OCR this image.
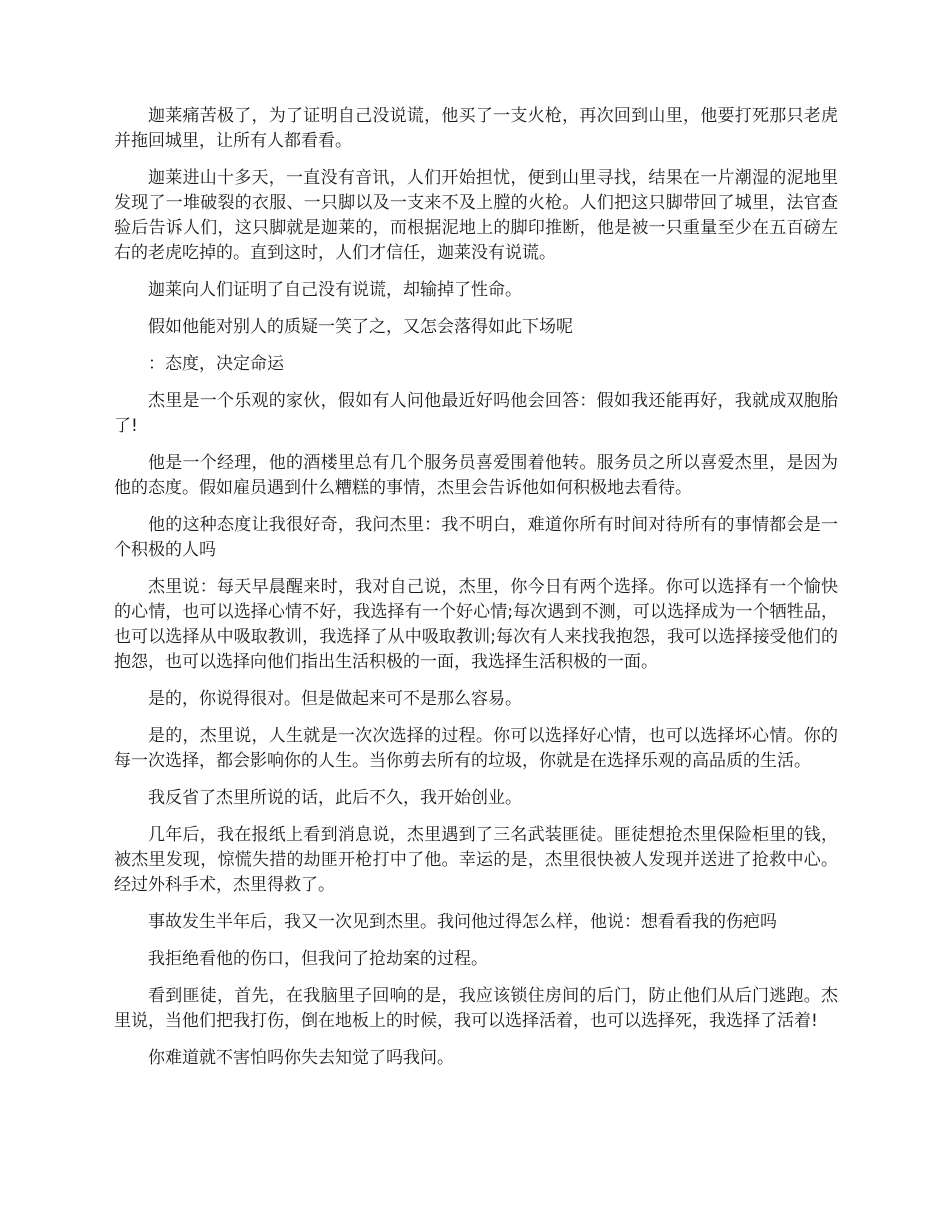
迦莱痛苦极了，为了证明自己没说谎，他买了一支火枪，再次回到山里，他要打死那只老虎并拖回城里，让所有人都看看。

迦莱进山十多天，一直没有音讯，人们开始担忧，便到山里寻找，结果在一片潮湿的泥地里发现了一堆破裂的衣服、一只脚以及一支来不及上膛的火枪。人们把这只脚带回了城里，法官查验后告诉人们，这只脚就是迦莱的，而根据泥地上的脚印推断，他是被一只重量至少在五百磅左右的老虎吃掉的。直到这时，人们才信任，迦莱没有说谎。

迦莱向人们证明了自己没有说谎，却输掉了性命。

假如他能对别人的质疑一笑了之，又怎会落得如此下场呢

：态度，决定命运

杰里是一个乐观的家伙，假如有人问他最近好吗他会回答：假如我还能再好，我就成双胞胎了!

他是一个经理，他的酒楼里总有几个服务员喜爱围着他转。服务员之所以喜爱杰里，是因为他的态度。假如雇员遇到什么糟糕的事情，杰里会告诉他如何积极地去看待。

他的这种态度让我很好奇，我问杰里：我不明白，难道你所有时间对待所有的事情都会是一个积极的人吗

杰里说：每天早晨醒来时，我对自己说，杰里，你今日有两个选择。你可以选择有一个愉快的心情，也可以选择心情不好，我选择有一个好心情;每次遇到不测，可以选择成为一个牺牲品，也可以选择从中吸取教训，我选择了从中吸取教训;每次有人来找我抱怨，我可以选择接受他们的抱怨，也可以选择向他们指出生活积极的一面，我选择生活积极的一面。

是的，你说得很对。但是做起来可不是那么容易。

是的，杰里说，人生就是一次次选择的过程。你可以选择好心情，也可以选择坏心情。你的每一次选择，都会影响你的人生。当你剪去所有的垃圾，你就是在选择乐观的高品质的生活。

我反省了杰里所说的话，此后不久，我开始创业。

几年后，我在报纸上看到消息说，杰里遇到了三名武装匪徒。匪徒想抢杰里保险柜里的钱，被杰里发现，惊慌失措的劫匪开枪打中了他。幸运的是，杰里很快被人发现并送进了抢救中心。经过外科手术，杰里得救了。

事故发生半年后，我又一次见到杰里。我问他过得怎么样，他说：想看看我的伤疤吗

我拒绝看他的伤口，但我问了抢劫案的过程。

看到匪徒，首先，在我脑里子回响的是，我应该锁住房间的后门，防止他们从后门逃跑。杰里说，当他们把我打伤，倒在地板上的时候，我可以选择活着，也可以选择死，我选择了活着!

你难道就不害怕吗你失去知觉了吗我问。
